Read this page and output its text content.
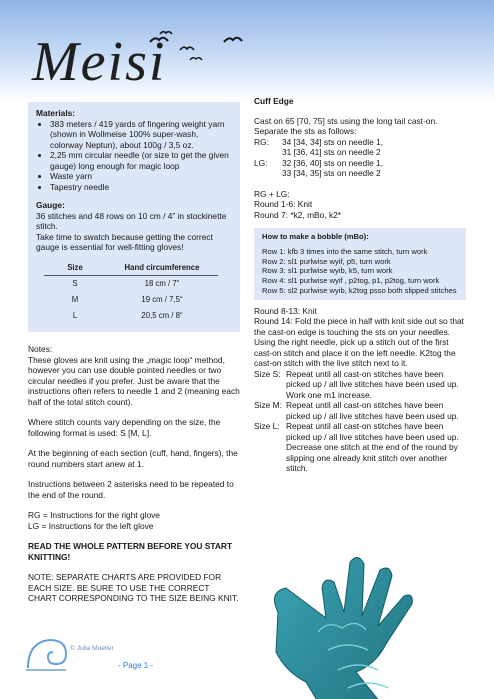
Meisi
Materials:
• 383 meters / 419 yards of fingering weight yarn (shown in Wollmeise 100% super-wash, colorway Neptun), about 100g / 3,5 oz.
• 2,25 mm circular needle (or size to get the given gauge) long enough for magic loop
• Waste yarn
• Tapestry needle
Gauge:

36 stitches and 48 rows on 10 cm / 4” in stockinette stitch.

Take time to swatch because getting the correct gauge is essential for well-fitting gloves!

Size	Hand circumference
S	18 cm / 7“
M	19 cm / 7,5“
L	20,5 cm / 8“

Notes:

These gloves are knit using the „magic loop“ method, however you can use double pointed needles or two circular needles if you prefer. Just be aware that the instructions often refers to needle 1 and 2 (meaning each half of the total stitch count).

Where stitch counts vary depending on the size, the following format is used: S [M, L].

At the beginning of each section (cuff, hand, fingers), the round numbers start anew at 1.

Instructions between 2 asterisks need to be repeated to the end of the round.

RG = Instructions for the right glove

LG = Instructions for the left glove

READ THE WHOLE PATTERN BEFORE YOU START KNITTING!

NOTE: SEPARATE CHARTS ARE PROVIDED FOR EACH SIZE. BE SURE TO USE THE CORRECT CHART CORRESPONDING TO THE SIZE BEING KNIT.

Cuff Edge

Cast on 65 [70, 75] sts using the long tail cast-on. Separate the sts as follows:

RG:	34 [34, 34] sts on needle 1,
31 [36, 41] sts on needle 2
LG:	32 [36, 40] sts on needle 1,
33 [34, 35] sts on needle 2

RG + LG:

Round 1-6: Knit

Round 7: *k2, mBo, k2*

How to make a bobble (mBo):

Row 1: kfb 3 times into the same stitch, turn work

Row 2: sl1 purlwise wyif, p5, turn work

Row 3: sl1 purlwise wyib, k5, turn work

Row 4: sl1 purlwise wyif , p2tog, p1, p2tog, turn work

Row 5: sl2 purlwise wyib, k2tog psso both slipped stitches

Round 8-13: Knit

Round 14: Fold the piece in half with knit side out so that the cast-on edge is touching the sts on your needles. Using the right needle, pick up a stitch out of the first cast-on stitch and place it on the left needle. K2tog the cast-on stitch with the live stitch next to it.

Size S: Repeat until all cast-on stitches have been picked up / all live stitches have been used up. Work one m1 increase.
Size M: Repeat until all cast-on stitches have been picked up / all live stitches have been used up.
Size L: Repeat until all cast-on stitches have been picked up / all live stitches have been used up. Decrease one stitch at the end of the round by slipping one already knit stitch over another stitch.
© Julia Mueller
- Page 1 -
